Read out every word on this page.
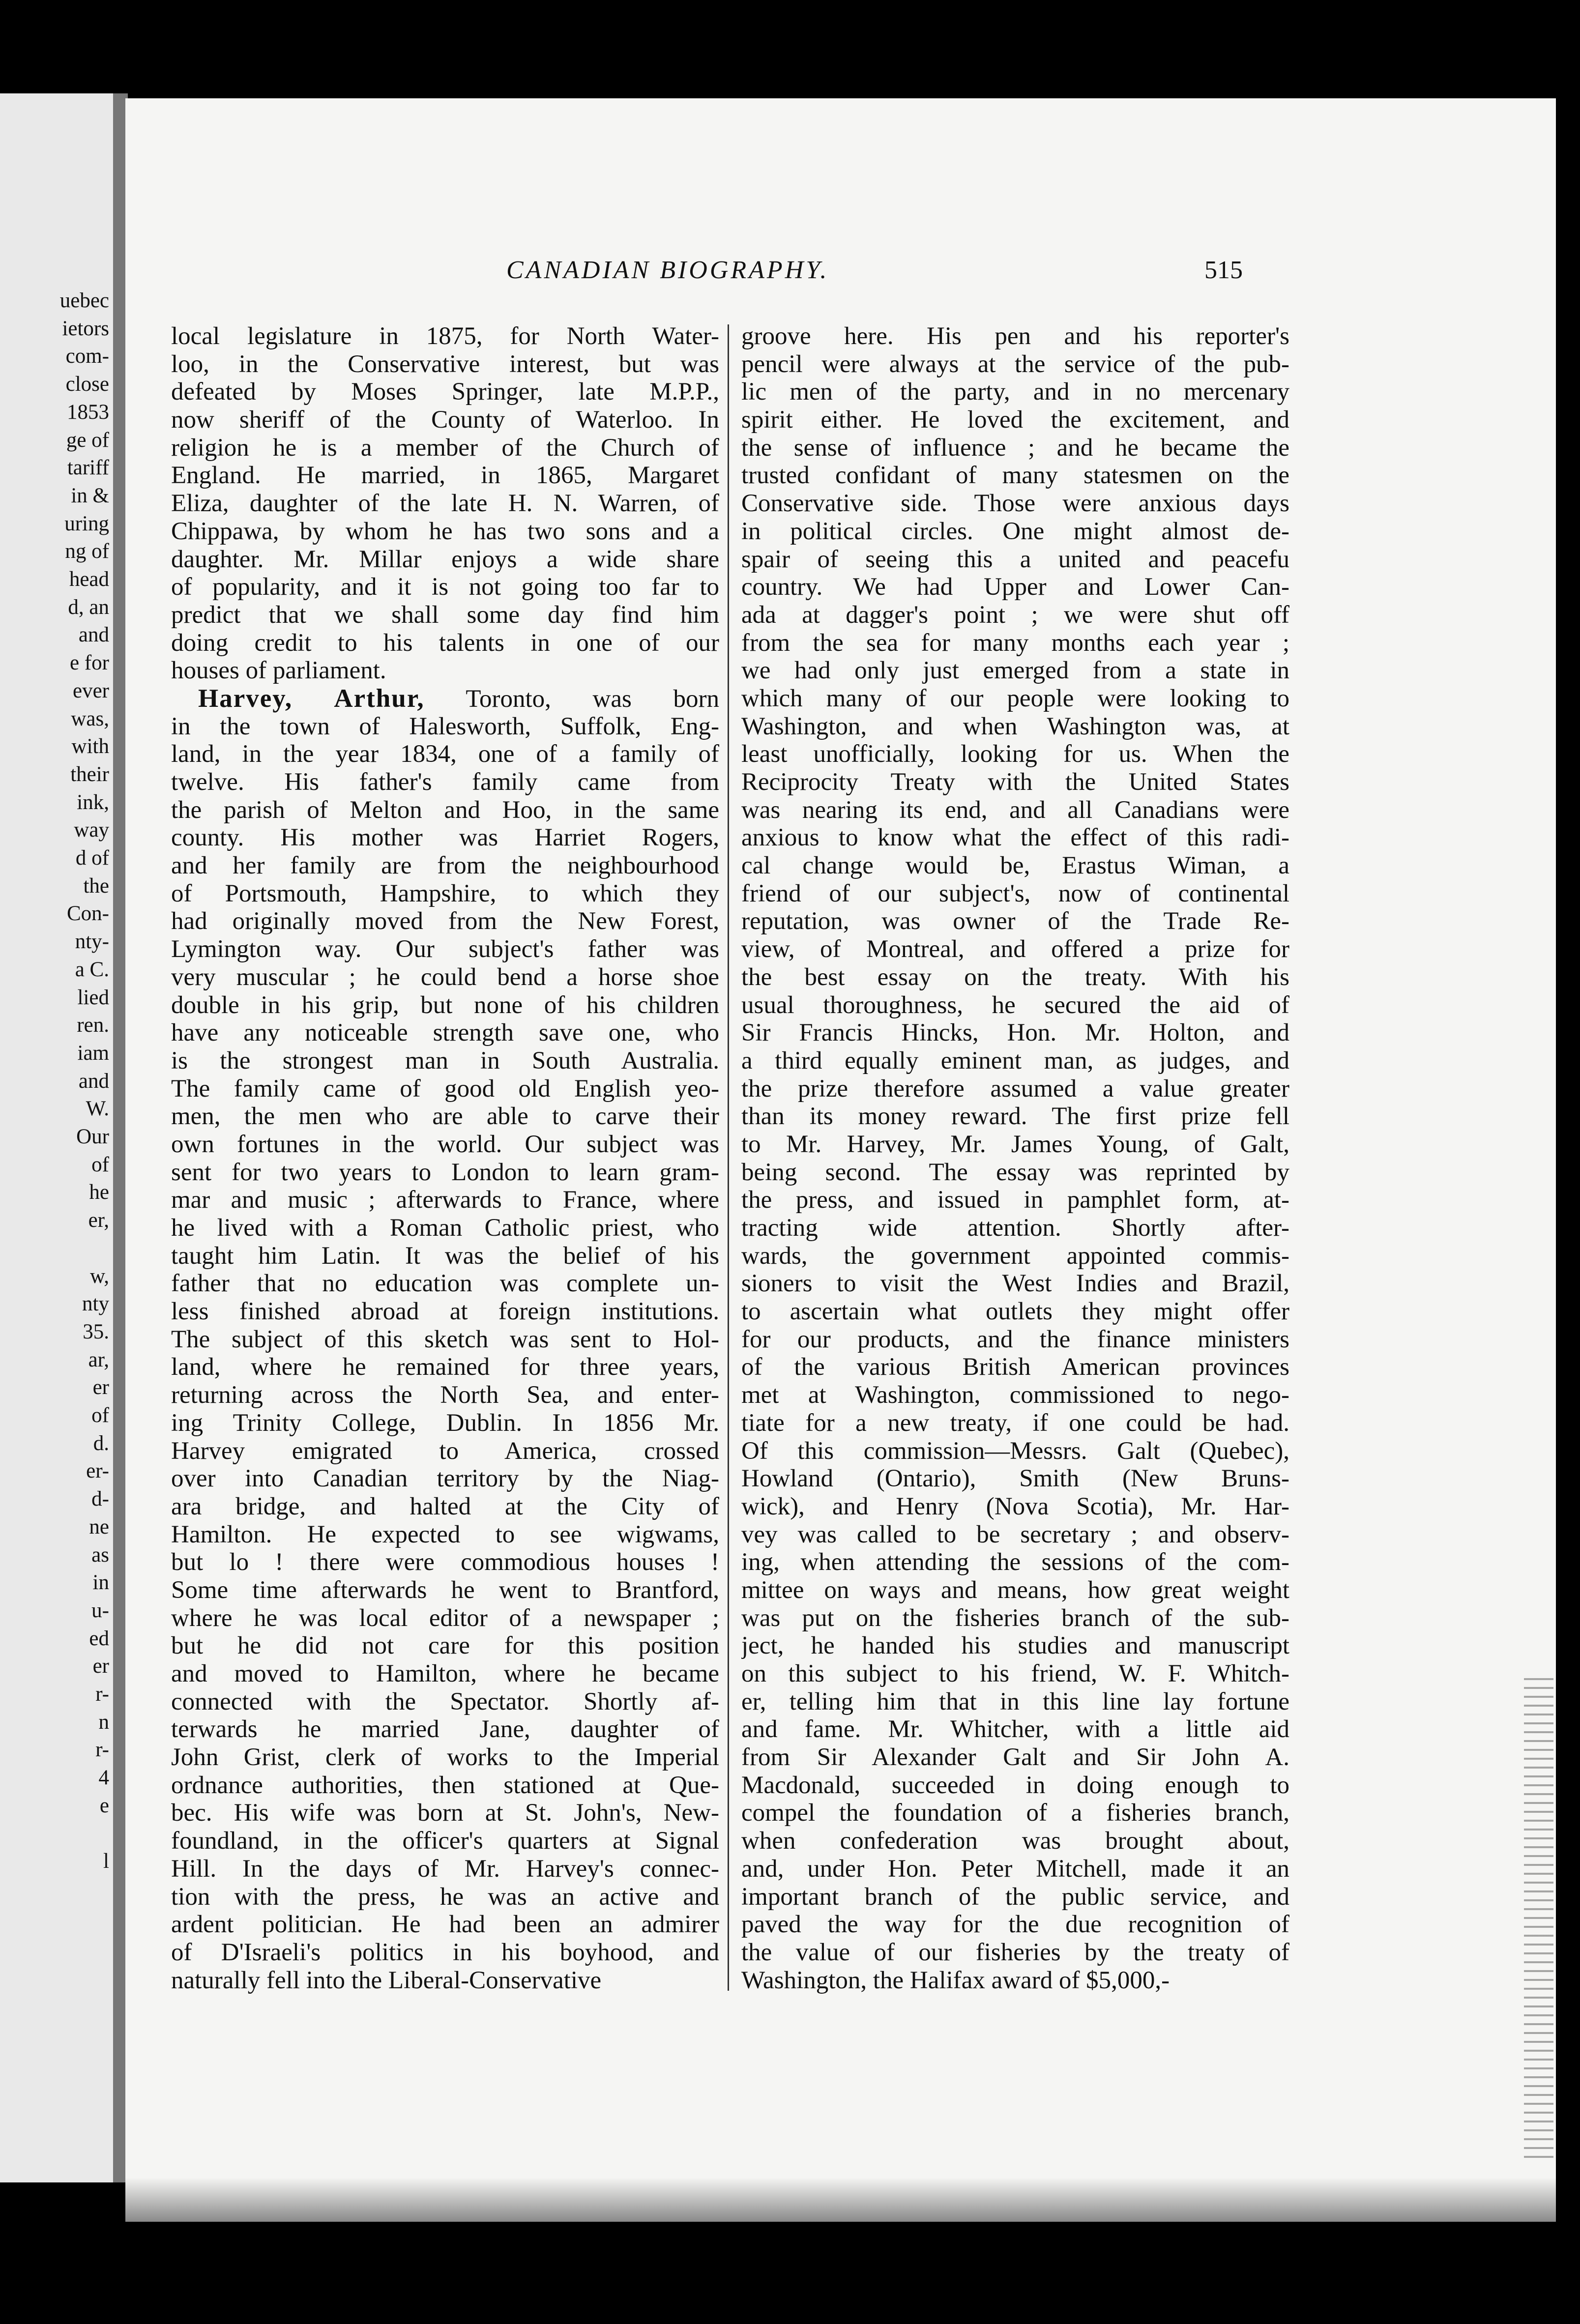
uebec
ietors
com-
close
1853
ge of
tariff
in &
uring
ng of
head
d, an
and
e for
ever
was,
with
their
ink,
way
d of
the
Con-
nty-
a C.
lied
ren.
iam
and
W.
Our
of
he
er,
w,
nty
35.
ar,
er
of
d.
er-
d-
ne
as
in
u-
ed
er
r-
n
r-
4
e
l
CANADIAN BIOGRAPHY.	515
local legislature in 1875, for North Water-
loo, in the Conservative interest, but was
defeated by Moses Springer, late M.P.P.,
now sheriff of the County of Waterloo. In
religion he is a member of the Church of
England. He married, in 1865, Margaret
Eliza, daughter of the late H. N. Warren, of
Chippawa, by whom he has two sons and a
daughter. Mr. Millar enjoys a wide share
of popularity, and it is not going too far to
predict that we shall some day find him
doing credit to his talents in one of our
houses of parliament.
Harvey, Arthur, Toronto, was born
in the town of Halesworth, Suffolk, Eng-
land, in the year 1834, one of a family of
twelve. His father's family came from
the parish of Melton and Hoo, in the same
county. His mother was Harriet Rogers,
and her family are from the neighbourhood
of Portsmouth, Hampshire, to which they
had originally moved from the New Forest,
Lymington way. Our subject's father was
very muscular ; he could bend a horse shoe
double in his grip, but none of his children
have any noticeable strength save one, who
is the strongest man in South Australia.
The family came of good old English yeo-
men, the men who are able to carve their
own fortunes in the world. Our subject was
sent for two years to London to learn gram-
mar and music ; afterwards to France, where
he lived with a Roman Catholic priest, who
taught him Latin. It was the belief of his
father that no education was complete un-
less finished abroad at foreign institutions.
The subject of this sketch was sent to Hol-
land, where he remained for three years,
returning across the North Sea, and enter-
ing Trinity College, Dublin. In 1856 Mr.
Harvey emigrated to America, crossed
over into Canadian territory by the Niag-
ara bridge, and halted at the City of
Hamilton. He expected to see wigwams,
but lo ! there were commodious houses !
Some time afterwards he went to Brantford,
where he was local editor of a newspaper ;
but he did not care for this position
and moved to Hamilton, where he became
connected with the Spectator. Shortly af-
terwards he married Jane, daughter of
John Grist, clerk of works to the Imperial
ordnance authorities, then stationed at Que-
bec. His wife was born at St. John's, New-
foundland, in the officer's quarters at Signal
Hill. In the days of Mr. Harvey's connec-
tion with the press, he was an active and
ardent politician. He had been an admirer
of D'Israeli's politics in his boyhood, and
naturally fell into the Liberal-Conservative
groove here. His pen and his reporter's
pencil were always at the service of the pub-
lic men of the party, and in no mercenary
spirit either. He loved the excitement, and
the sense of influence ; and he became the
trusted confidant of many statesmen on the
Conservative side. Those were anxious days
in political circles. One might almost de-
spair of seeing this a united and peacefu
country. We had Upper and Lower Can-
ada at dagger's point ; we were shut off
from the sea for many months each year ;
we had only just emerged from a state in
which many of our people were looking to
Washington, and when Washington was, at
least unofficially, looking for us. When the
Reciprocity Treaty with the United States
was nearing its end, and all Canadians were
anxious to know what the effect of this radi-
cal change would be, Erastus Wiman, a
friend of our subject's, now of continental
reputation, was owner of the Trade Re-
view, of Montreal, and offered a prize for
the best essay on the treaty. With his
usual thoroughness, he secured the aid of
Sir Francis Hincks, Hon. Mr. Holton, and
a third equally eminent man, as judges, and
the prize therefore assumed a value greater
than its money reward. The first prize fell
to Mr. Harvey, Mr. James Young, of Galt,
being second. The essay was reprinted by
the press, and issued in pamphlet form, at-
tracting wide attention. Shortly after-
wards, the government appointed commis-
sioners to visit the West Indies and Brazil,
to ascertain what outlets they might offer
for our products, and the finance ministers
of the various British American provinces
met at Washington, commissioned to nego-
tiate for a new treaty, if one could be had.
Of this commission—Messrs. Galt (Quebec),
Howland (Ontario), Smith (New Bruns-
wick), and Henry (Nova Scotia), Mr. Har-
vey was called to be secretary ; and observ-
ing, when attending the sessions of the com-
mittee on ways and means, how great weight
was put on the fisheries branch of the sub-
ject, he handed his studies and manuscript
on this subject to his friend, W. F. Whitch-
er, telling him that in this line lay fortune
and fame. Mr. Whitcher, with a little aid
from Sir Alexander Galt and Sir John A.
Macdonald, succeeded in doing enough to
compel the foundation of a fisheries branch,
when confederation was brought about,
and, under Hon. Peter Mitchell, made it an
important branch of the public service, and
paved the way for the due recognition of
the value of our fisheries by the treaty of
Washington, the Halifax award of $5,000,-
